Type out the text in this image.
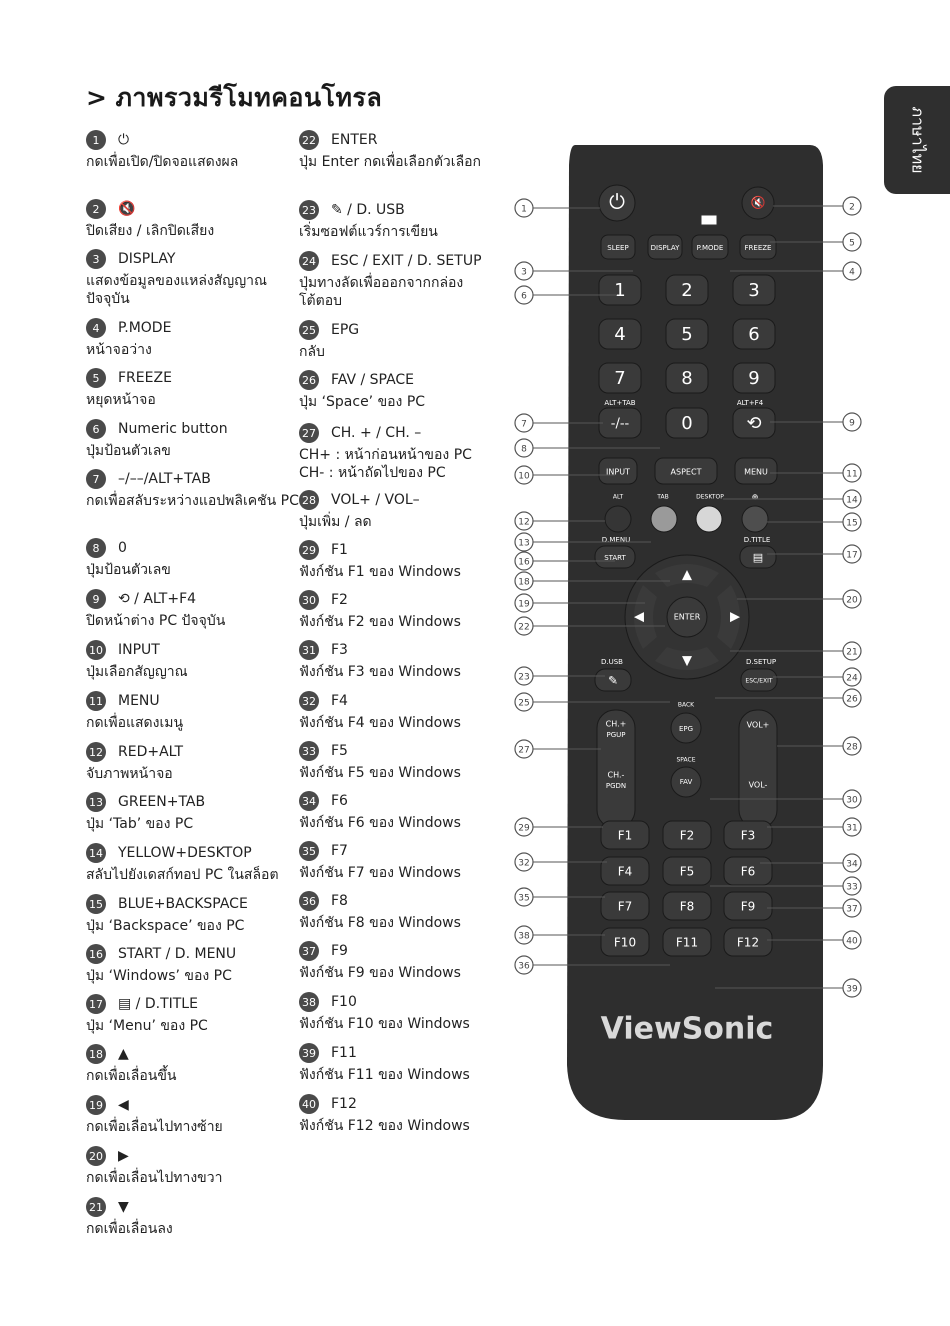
> ภาพรวมรีโมทคอนโทรล
ภาษาไทย
1	⏻
กดเพื่อเปิด/ปิดจอแสดงผล
2	🔇
ปิดเสียง / เลิกปิดเสียง
3	DISPLAY
แสดงข้อมูลของแหล่งสัญญาณปัจจุบัน
4	P.MODE
หน้าจอว่าง
5	FREEZE
หยุดหน้าจอ
6	Numeric button
ปุ่มป้อนตัวเลข
7	–/––/ALT+TAB
กดเพื่อสลับระหว่างแอปพลิเคชัน PC
8	0
ปุ่มป้อนตัวเลข
9	⟲ / ALT+F4
ปิดหน้าต่าง PC ปัจจุบัน
10 INPUT
ปุ่มเลือกสัญญาณ
11 MENU
กดเพื่อแสดงเมนู
12 RED+ALT
จับภาพหน้าจอ
13 GREEN+TAB
ปุ่ม ‘Tab’ ของ PC
14 YELLOW+DESKTOP
สลับไปยังเดสก์ทอป PC ในสล็อต
15 BLUE+BACKSPACE
ปุ่ม ‘Backspace’ ของ PC
16 START / D. MENU
ปุ่ม ‘Windows’ ของ PC
17 ▤ / D.TITLE
ปุ่ม ‘Menu’ ของ PC
18 ▲
กดเพื่อเลื่อนขึ้น
19 ◀
กดเพื่อเลื่อนไปทางซ้าย
20 ▶
กดเพื่อเลื่อนไปทางขวา
21 ▼
กดเพื่อเลื่อนลง
22 ENTER
ปุ่ม Enter กดเพื่อเลือกตัวเลือก
23 ✎ / D. USB
เริ่มซอฟต์แวร์การเขียน
24 ESC / EXIT / D. SETUP
ปุ่มทางลัดเพื่อออกจากกล่องโต้ตอบ
25 EPG
กลับ
26 FAV / SPACE
ปุ่ม ‘Space’ ของ PC
27 CH. + / CH. –
CH+ : หน้าก่อนหน้าของ PC
CH- : หน้าถัดไปของ PC
28 VOL+ / VOL–
ปุ่มเพิ่ม / ลด
29 F1
ฟังก์ชัน F1 ของ Windows
30 F2
ฟังก์ชัน F2 ของ Windows
31 F3
ฟังก์ชัน F3 ของ Windows
32 F4
ฟังก์ชัน F4 ของ Windows
33 F5
ฟังก์ชัน F5 ของ Windows
34 F6
ฟังก์ชัน F6 ของ Windows
35 F7
ฟังก์ชัน F7 ของ Windows
36 F8
ฟังก์ชัน F8 ของ Windows
37 F9
ฟังก์ชัน F9 ของ Windows
38 F10
ฟังก์ชัน F10 ของ Windows
39 F11
ฟังก์ชัน F11 ของ Windows
40 F12
ฟังก์ชัน F12 ของ Windows
⏻	🔇
SLEEP	DISPLAY P.MODE	FREEZE
1	2	3
4	5	6
7	8	9
ALT+TAB	ALT+F4
-/--	0	⟲
INPUT	ASPECT	MENU
ALT	TAB	DESKTOP	⊕
D.MENU	D.TITLE
START	▤
▲
▼
◀	▶
ENTER
D.USB	D.SETUP
✎	ESC/EXIT
CH.+
PGUP
CH.-
PGDN
VOL+
VOL-
BACK
EPG
SPACE
FAV
F1	F2	F3
F4	F5	F6
F7	F8	F9
F10	F11	F12
ViewSonic
1
3
6
7
8
10
12
13
16
18
19
22
23
25
27
29
32
35
38
36
2
5
4
9
11
14
15
17
20
21
24
26
28
30
31
34
33
37
40
39
